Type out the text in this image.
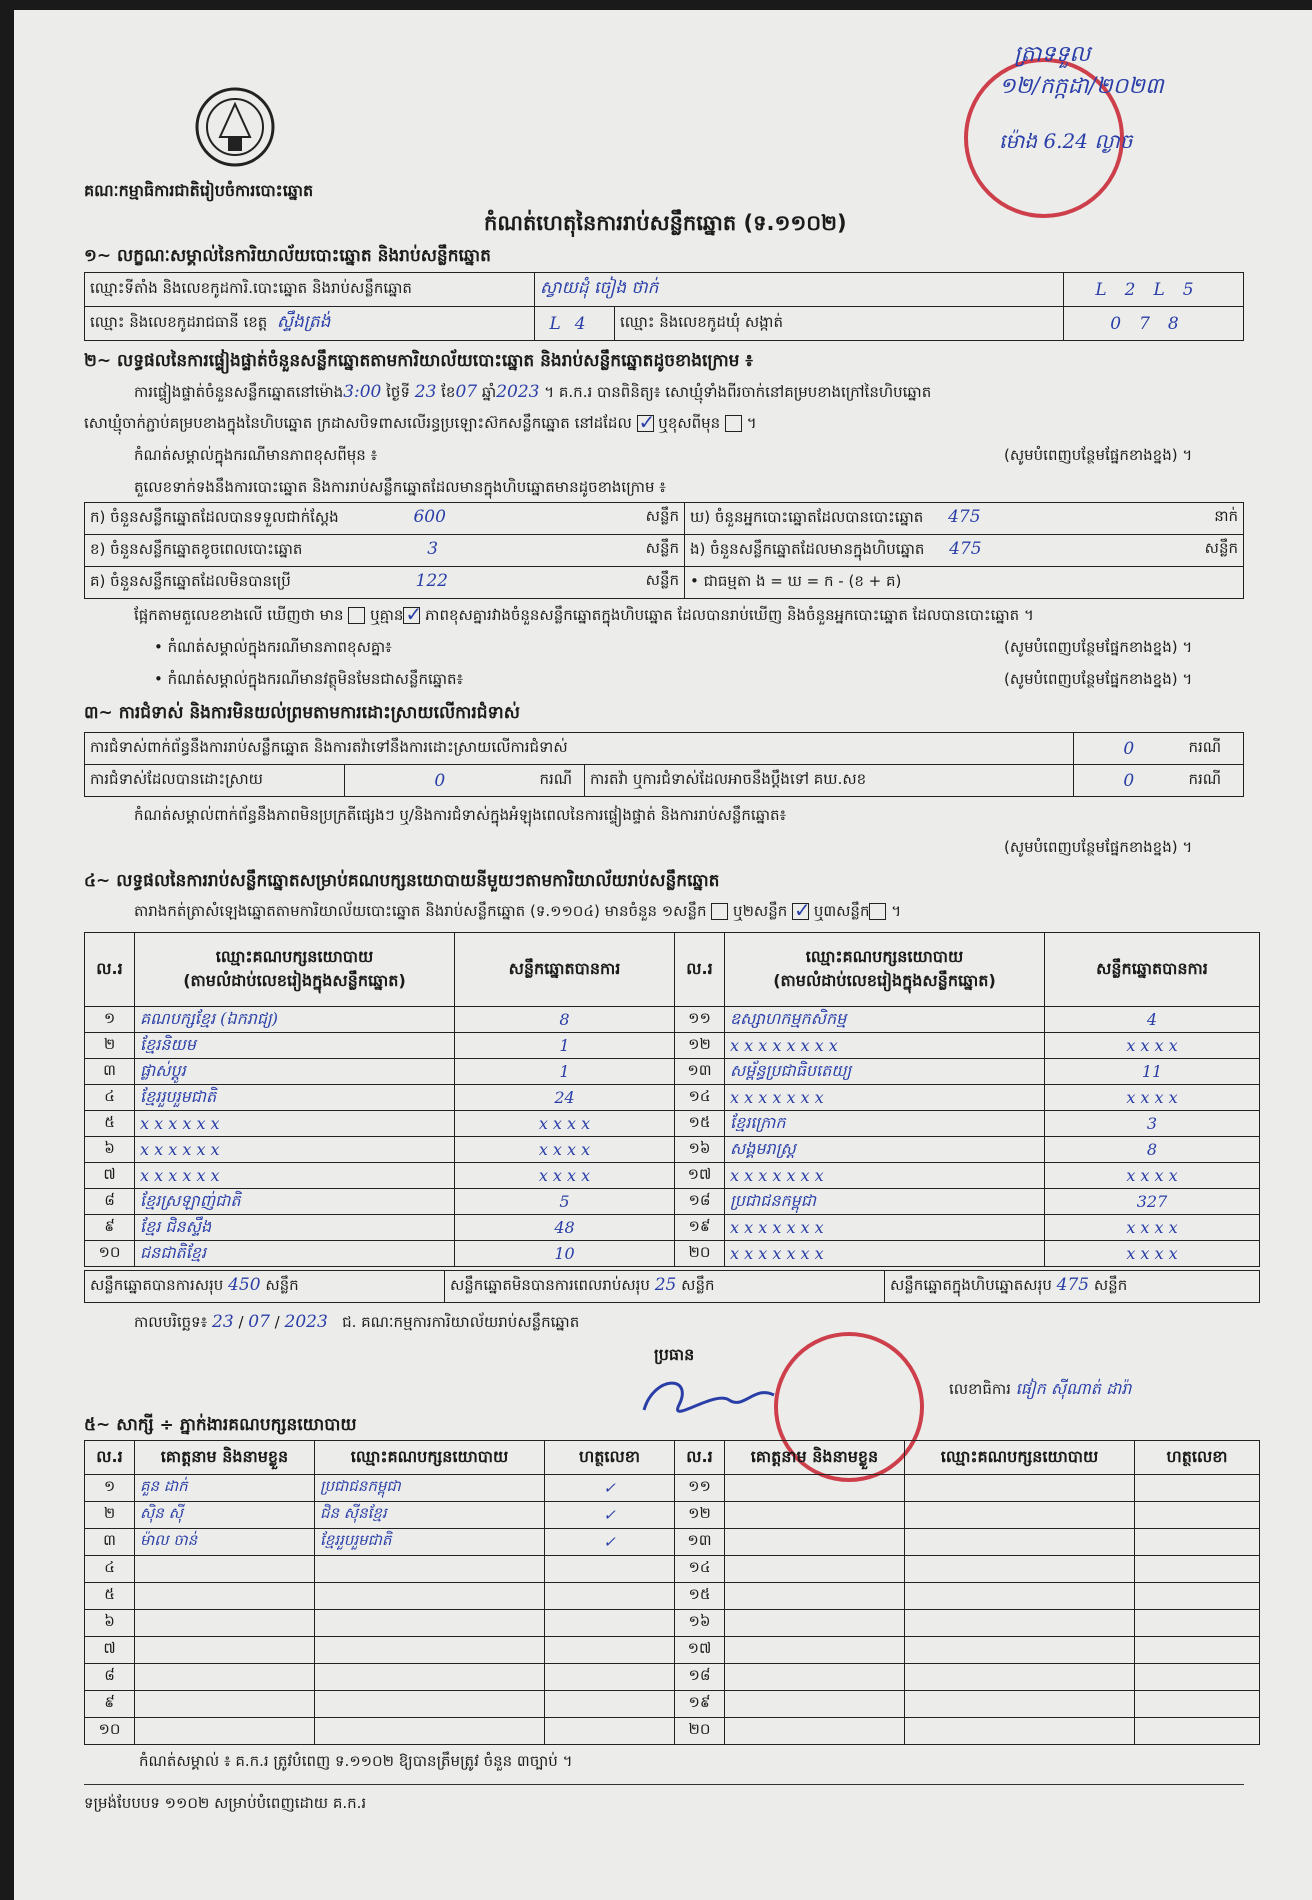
គណៈកម្មាធិការជាតិរៀបចំការបោះឆ្នោត
ត្រាទទួល
១២/កក្កដា/២០២៣
ម៉ោង 6.24 ល្ងាច
កំណត់ហេតុនៃការរាប់សន្លឹកឆ្នោត (ទ.១១០២)
១~ លក្ខណៈសម្គាល់នៃការិយាល័យបោះឆ្នោត និងរាប់សន្លឹកឆ្នោត
ឈ្មោះទីតាំង និងលេខកូដការិ.បោះឆ្នោត និងរាប់សន្លឹកឆ្នោត	ស្វាយដុំ ចៀង ថាក់		L2L5
ឈ្មោះ និងលេខកូដរាជធានី ខេត្ត ស្ទឹងត្រង់	L4	ឈ្មោះ និងលេខកូដឃុំ សង្កាត់	078
២~ លទ្ធផលនៃការផ្ទៀងផ្ទាត់ចំនួនសន្លឹកឆ្នោតតាមការិយាល័យបោះឆ្នោត និងរាប់សន្លឹកឆ្នោតដូចខាងក្រោម ៖
ការផ្ទៀងផ្ទាត់ចំនួនសន្លឹកឆ្នោតនៅម៉ោង3:00 ថ្ងៃទី 23 ខែ07 ឆ្នាំ2023 ។ គ.ក.រ បានពិនិត្យ៖ សោឃ្មុំទាំងពីរចាក់នៅគម្របខាងក្រៅនៃហិបឆ្នោត
សោឃ្មុំចាក់ភ្ជាប់គម្របខាងក្នុងនៃហិបឆ្នោត ក្រដាសបិទពាសលើរន្ធប្រឡោះស៊កសន្លឹកឆ្នោត នៅដដែល ✓ ឬខុសពីមុន  ។
កំណត់សម្គាល់ក្នុងករណីមានភាពខុសពីមុន ៖	(សូមបំពេញបន្ថែមផ្នែកខាងខ្នង) ។
តួលេខទាក់ទងនឹងការបោះឆ្នោត និងការរាប់សន្លឹកឆ្នោតដែលមានក្នុងហិបឆ្នោតមានដូចខាងក្រោម ៖
ក) ចំនួនសន្លឹកឆ្នោតដែលបានទទួលជាក់ស្តែង 600 សន្លឹក	ឃ) ចំនួនអ្នកបោះឆ្នោតដែលបានបោះឆ្នោត 475 នាក់

ខ) ចំនួនសន្លឹកឆ្នោតខូចពេលបោះឆ្នោត 3 សន្លឹក	ង) ចំនួនសន្លឹកឆ្នោតដែលមានក្នុងហិបឆ្នោត 475 សន្លឹក

គ) ចំនួនសន្លឹកឆ្នោតដែលមិនបានប្រើ 122 សន្លឹក	• ជាធម្មតា ង = ឃ = ក - (ខ + គ)
ផ្អែកតាមតួលេខខាងលើ ឃើញថា មាន ឬគ្មាន ✓ ភាពខុសគ្នារវាងចំនួនសន្លឹកឆ្នោតក្នុងហិបឆ្នោត ដែលបានរាប់ឃើញ និងចំនួនអ្នកបោះឆ្នោត ដែលបានបោះឆ្នោត ។
• កំណត់សម្គាល់ក្នុងករណីមានភាពខុសគ្នា៖	(សូមបំពេញបន្ថែមផ្នែកខាងខ្នង) ។
• កំណត់សម្គាល់ក្នុងករណីមានវត្ថុមិនមែនជាសន្លឹកឆ្នោត៖	(សូមបំពេញបន្ថែមផ្នែកខាងខ្នង) ។
៣~ ការជំទាស់ និងការមិនយល់ព្រមតាមការដោះស្រាយលើការជំទាស់
ការជំទាស់ពាក់ព័ន្ធនឹងការរាប់សន្លឹកឆ្នោត និងការតវ៉ាទៅនឹងការដោះស្រាយលើការជំទាស់				0	ករណី
ការជំទាស់ដែលបានដោះស្រាយ	0	ករណី	ការតវ៉ា ឬការជំទាស់ដែលអាចនឹងប្ដឹងទៅ គឃ.សខ	0	ករណី
កំណត់សម្គាល់ពាក់ព័ន្ធនឹងភាពមិនប្រក្រតីផ្សេងៗ ឬ/និងការជំទាស់ក្នុងអំឡុងពេលនៃការផ្ទៀងផ្ទាត់ និងការរាប់សន្លឹកឆ្នោត៖
(សូមបំពេញបន្ថែមផ្នែកខាងខ្នង) ។
៤~ លទ្ធផលនៃការរាប់សន្លឹកឆ្នោតសម្រាប់គណបក្សនយោបាយនីមួយៗតាមការិយាល័យរាប់សន្លឹកឆ្នោត
តារាងកត់ត្រាសំឡេងឆ្នោតតាមការិយាល័យបោះឆ្នោត និងរាប់សន្លឹកឆ្នោត (ទ.១១០៤) មានចំនួន ១សន្លឹក ឬ២សន្លឹក ✓ ឬ៣សន្លឹក ។
ល.រ	ឈ្មោះគណបក្សនយោបាយ
(តាមលំដាប់លេខរៀងក្នុងសន្លឹកឆ្នោត)	សន្លឹកឆ្នោតបានការ	ល.រ	ឈ្មោះគណបក្សនយោបាយ
(តាមលំដាប់លេខរៀងក្នុងសន្លឹកឆ្នោត)	សន្លឹកឆ្នោតបានការ
១	គណបក្សខ្មែរ (ឯករាជ្យ)	8	១១	ឧស្សាហកម្មកសិកម្ម	4
២	ខ្មែរនិយម	1	១២	x x x x x x x x	x x x x
៣	ផ្លាស់ប្ដូរ	1	១៣	សម្ព័ន្ធប្រជាធិបតេយ្យ	11
៤	ខ្មែររួបរួមជាតិ	24	១៤	x x x x x x x	x x x x
៥	x x x x x x	x x x x	១៥	ខ្មែរក្រោក	3
៦	x x x x x x	x x x x	១៦	សង្គមរាស្ត្រ	8
៧	x x x x x x	x x x x	១៧	x x x x x x x	x x x x
៨	ខ្មែរស្រឡាញ់ជាតិ	5	១៨	ប្រជាជនកម្ពុជា	327
៩	ខ្មែរ ជិនស្ទឹង	48	១៩	x x x x x x x	x x x x
១០	ជនជាតិខ្មែរ	10	២០	x x x x x x x	x x x x
សន្លឹកឆ្នោតបានការសរុប 450 សន្លឹក	សន្លឹកឆ្នោតមិនបានការពេលរាប់សរុប 25 សន្លឹក	សន្លឹកឆ្នោតក្នុងហិបឆ្នោតសរុប 475 សន្លឹក
កាលបរិច្ឆេទ៖ 23 / 07 / 2023 ជ. គណៈកម្មការការិយាល័យរាប់សន្លឹកឆ្នោត
ប្រធាន
លេខាធិការ ផៀក ស៊ីណាត់ ដារ៉ា
៥~ សាក្សី ÷ ភ្នាក់ងារគណបក្សនយោបាយ
ល.រ	គោត្តនាម និងនាមខ្លួន	ឈ្មោះគណបក្សនយោបាយ	ហត្ថលេខា	ល.រ	គោត្តនាម និងនាមខ្លួន	ឈ្មោះគណបក្សនយោបាយ	ហត្ថលេខា
១	គួន ដាក់	ប្រជាជនកម្ពុជា	✓	១១			
២	ស៊ិន ស៊ី	ជិន ស៊ីនខ្មែរ	✓	១២			
៣	ម៉ាល ចាន់	ខ្មែររួបរួមជាតិ	✓	១៣			
៤				១៤			
៥				១៥			
៦				១៦			
៧				១៧			
៨				១៨			
៩				១៩			
១០				២០			
កំណត់សម្គាល់ ៖ គ.ក.រ ត្រូវបំពេញ ទ.១១០២ ឱ្យបានត្រឹមត្រូវ ចំនួន ៣ច្បាប់ ។
ទម្រង់បែបបទ ១១០២ សម្រាប់បំពេញដោយ គ.ក.រ
